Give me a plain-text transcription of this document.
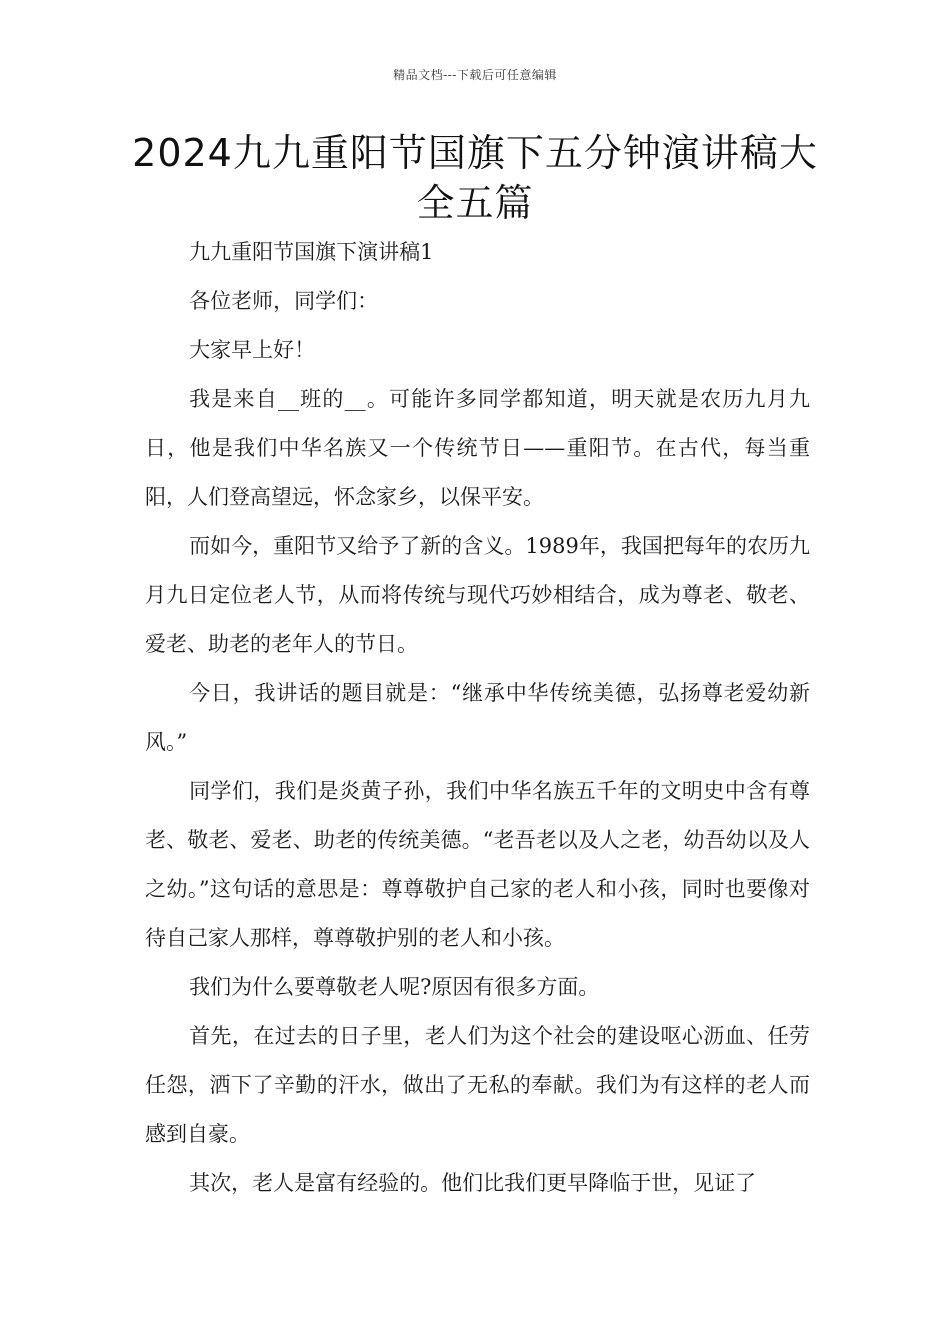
精品文档---下载后可任意编辑
2024九九重阳节国旗下五分钟演讲稿大全五篇

九九重阳节国旗下演讲稿1

各位老师，同学们：

大家早上好！

我是来自__班的__。可能许多同学都知道，明天就是农历九月九日，他是我们中华名族又一个传统节日——重阳节。在古代，每当重阳，人们登高望远，怀念家乡，以保平安。

而如今，重阳节又给予了新的含义。1989年，我国把每年的农历九月九日定位老人节，从而将传统与现代巧妙相结合，成为尊老、敬老、爱老、助老的老年人的节日。

今日，我讲话的题目就是：“继承中华传统美德，弘扬尊老爱幼新风。”

同学们，我们是炎黄子孙，我们中华名族五千年的文明史中含有尊老、敬老、爱老、助老的传统美德。“老吾老以及人之老，幼吾幼以及人之幼。”这句话的意思是：尊尊敬护自己家的老人和小孩，同时也要像对待自己家人那样，尊尊敬护别的老人和小孩。

我们为什么要尊敬老人呢?原因有很多方面。

首先，在过去的日子里，老人们为这个社会的建设呕心沥血、任劳任怨，洒下了辛勤的汗水，做出了无私的奉献。我们为有这样的老人而感到自豪。

其次，老人是富有经验的。他们比我们更早降临于世，见证了
